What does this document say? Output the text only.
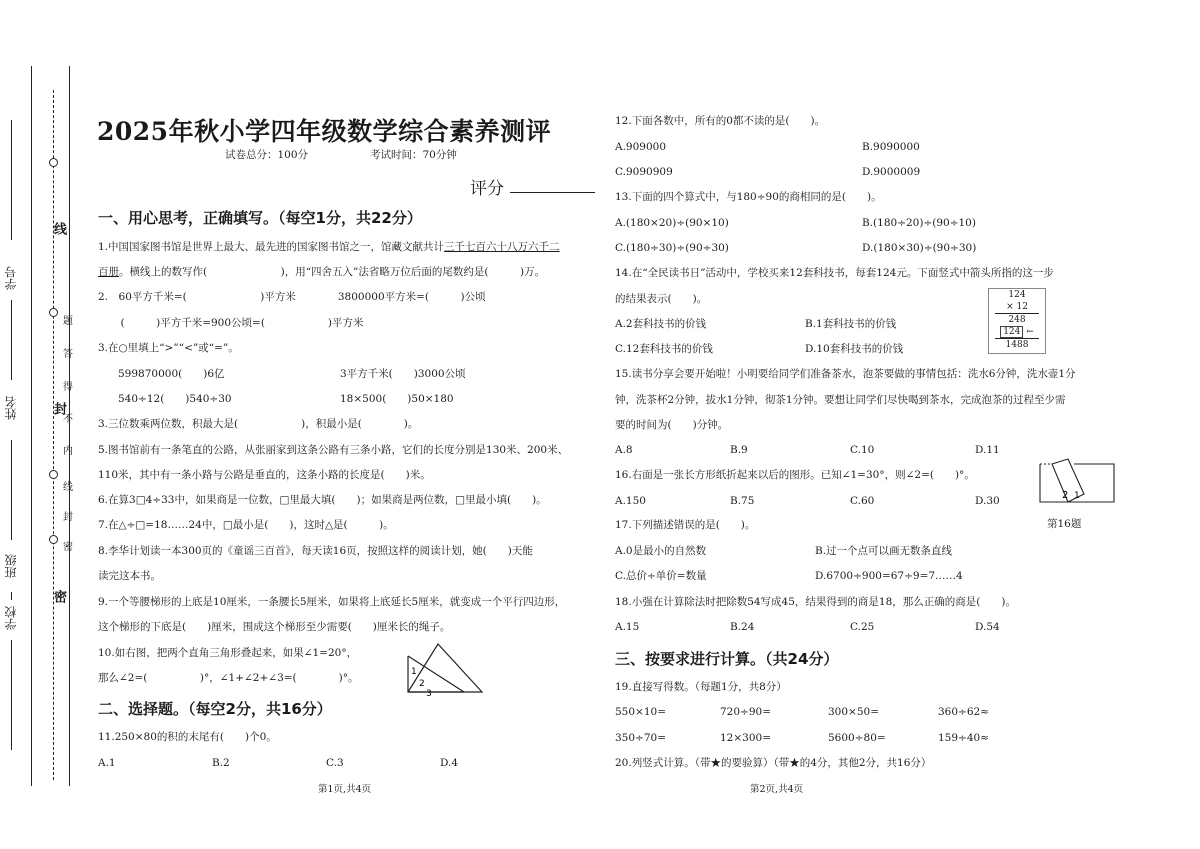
线
封
密
题
答
得
不
内
线
封
密
学号
姓名
班级
学校
2025年秋小学四年级数学综合素养测评
试卷总分：100分	考试时间：70分钟
评分
一、用心思考，正确填写。（每空1分，共22分）
1.中国国家图书馆是世界上最大、最先进的国家图书馆之一，馆藏文献共计三千七百六十八万六千二
百册。横线上的数写作(　　　　　　　)，用“四舍五入”法省略万位后面的尾数约是(　　　)万。
2.　60平方千米=(　　　　　　　)平方米　　　　3800000平方米=(　　　)公顷
　(　　　)平方千米=900公顷=(　　　　　　)平方米
3.在○里填上“>”“<”或“=”。
599870000(　　)6亿	3平方千米(　　)3000公顷
540÷12(　　)540÷30	18×500(　　)50×180
3.三位数乘两位数，积最大是(　　　　　　)，积最小是(　　　　)。
5.图书馆前有一条笔直的公路，从张丽家到这条公路有三条小路，它们的长度分别是130米、200米、
110米，其中有一条小路与公路是垂直的，这条小路的长度是(　　)米。
6.在算3□4÷33中，如果商是一位数，□里最大填(　　)；如果商是两位数，□里最小填(　　)。
7.在△÷□=18……24中，□最小是(　　)，这时△是(　　　)。
8.李华计划读一本300页的《童谣三百首》，每天读16页，按照这样的阅读计划，她(　　)天能
读完这本书。
9.一个等腰梯形的上底是10厘米，一条腰长5厘米，如果将上底延长5厘米，就变成一个平行四边形，
这个梯形的下底是(　　)厘米，围成这个梯形至少需要(　　)厘米长的绳子。
10.如右图，把两个直角三角形叠起来，如果∠1=20°，
那么∠2=(　　　　　)°，∠1+∠2+∠3=(　　　　)°。	1
2
3
二、选择题。（每空2分，共16分）
11.250×80的积的末尾有(　　)个0。
A.1	B.2	C.3	D.4
第1页,共4页
12.下面各数中，所有的0都不读的是(　　)。
A.909000	B.9090000
C.9090909	D.9000009
13.下面的四个算式中，与180÷90的商相同的是(　　)。
A.(180×20)÷(90×10)	B.(180÷20)÷(90÷10)
C.(180÷30)÷(90÷30)	D.(180×30)÷(90÷30)
14.在“全民读书日”活动中，学校买来12套科技书，每套124元。下面竖式中箭头所指的这一步
的结果表示(　　)。
A.2套科技书的价钱	B.1套科技书的价钱
C.12套科技书的价钱	D.10套科技书的价钱
124
× 12
248
124 ←
1488
15.读书分享会要开始啦！小明要给同学们准备茶水，泡茶要做的事情包括：洗水6分钟，洗水壶1分
钟，洗茶杯2分钟，拔水1分钟，彻茶1分钟。要想让同学们尽快喝到茶水，完成泡茶的过程至少需
要的时间为(　　)分钟。
A.8	B.9	C.10	D.11
16.右面是一张长方形纸折起来以后的图形。已知∠1=30°，则∠2=(　　)°。
A.150	B.75	C.60	D.30	2 1
第16题
17.下列描述错误的是(　　)。
A.0是最小的自然数	B.过一个点可以画无数条直线
C.总价÷单价=数量	D.6700÷900=67÷9=7……4
18.小强在计算除法时把除数54写成45，结果得到的商是18，那么正确的商是(　　)。
A.15	B.24	C.25	D.54
三、按要求进行计算。（共24分）
19.直接写得数。（每题1分，共8分）
550×10=	720÷90=	300×50=	360÷62≈
350÷70=	12×300=	5600÷80=	159÷40≈
20.列竖式计算。（带★的要验算）（带★的4分，其他2分，共16分）
第2页,共4页
